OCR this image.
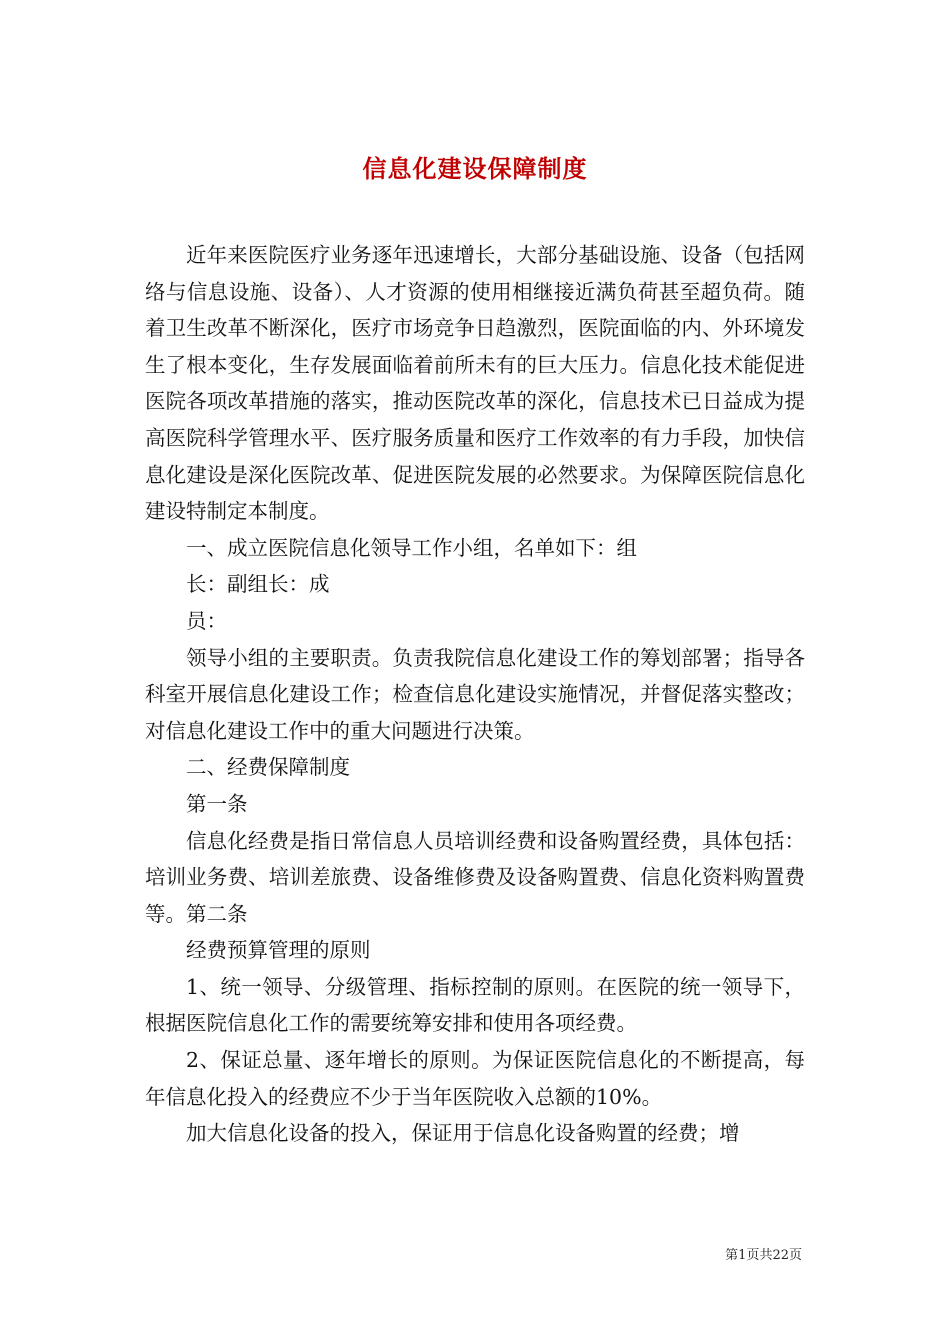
信息化建设保障制度

近年来医院医疗业务逐年迅速增长，大部分基础设施、设备（包括网络与信息设施、设备）、人才资源的使用相继接近满负荷甚至超负荷。随着卫生改革不断深化，医疗市场竞争日趋激烈，医院面临的内、外环境发生了根本变化，生存发展面临着前所未有的巨大压力。信息化技术能促进医院各项改革措施的落实，推动医院改革的深化，信息技术已日益成为提高医院科学管理水平、医疗服务质量和医疗工作效率的有力手段，加快信息化建设是深化医院改革、促进医院发展的必然要求。为保障医院信息化建设特制定本制度。

一、成立医院信息化领导工作小组，名单如下：组

长：副组长：成

员：

领导小组的主要职责。负责我院信息化建设工作的筹划部署；指导各科室开展信息化建设工作；检查信息化建设实施情况，并督促落实整改；对信息化建设工作中的重大问题进行决策。

二、经费保障制度

第一条

信息化经费是指日常信息人员培训经费和设备购置经费，具体包括：培训业务费、培训差旅费、设备维修费及设备购置费、信息化资料购置费等。第二条

经费预算管理的原则

1、统一领导、分级管理、指标控制的原则。在医院的统一领导下，根据医院信息化工作的需要统筹安排和使用各项经费。

2、保证总量、逐年增长的原则。为保证医院信息化的不断提高，每年信息化投入的经费应不少于当年医院收入总额的10%。

加大信息化设备的投入，保证用于信息化设备购置的经费；增

第1页共22页
